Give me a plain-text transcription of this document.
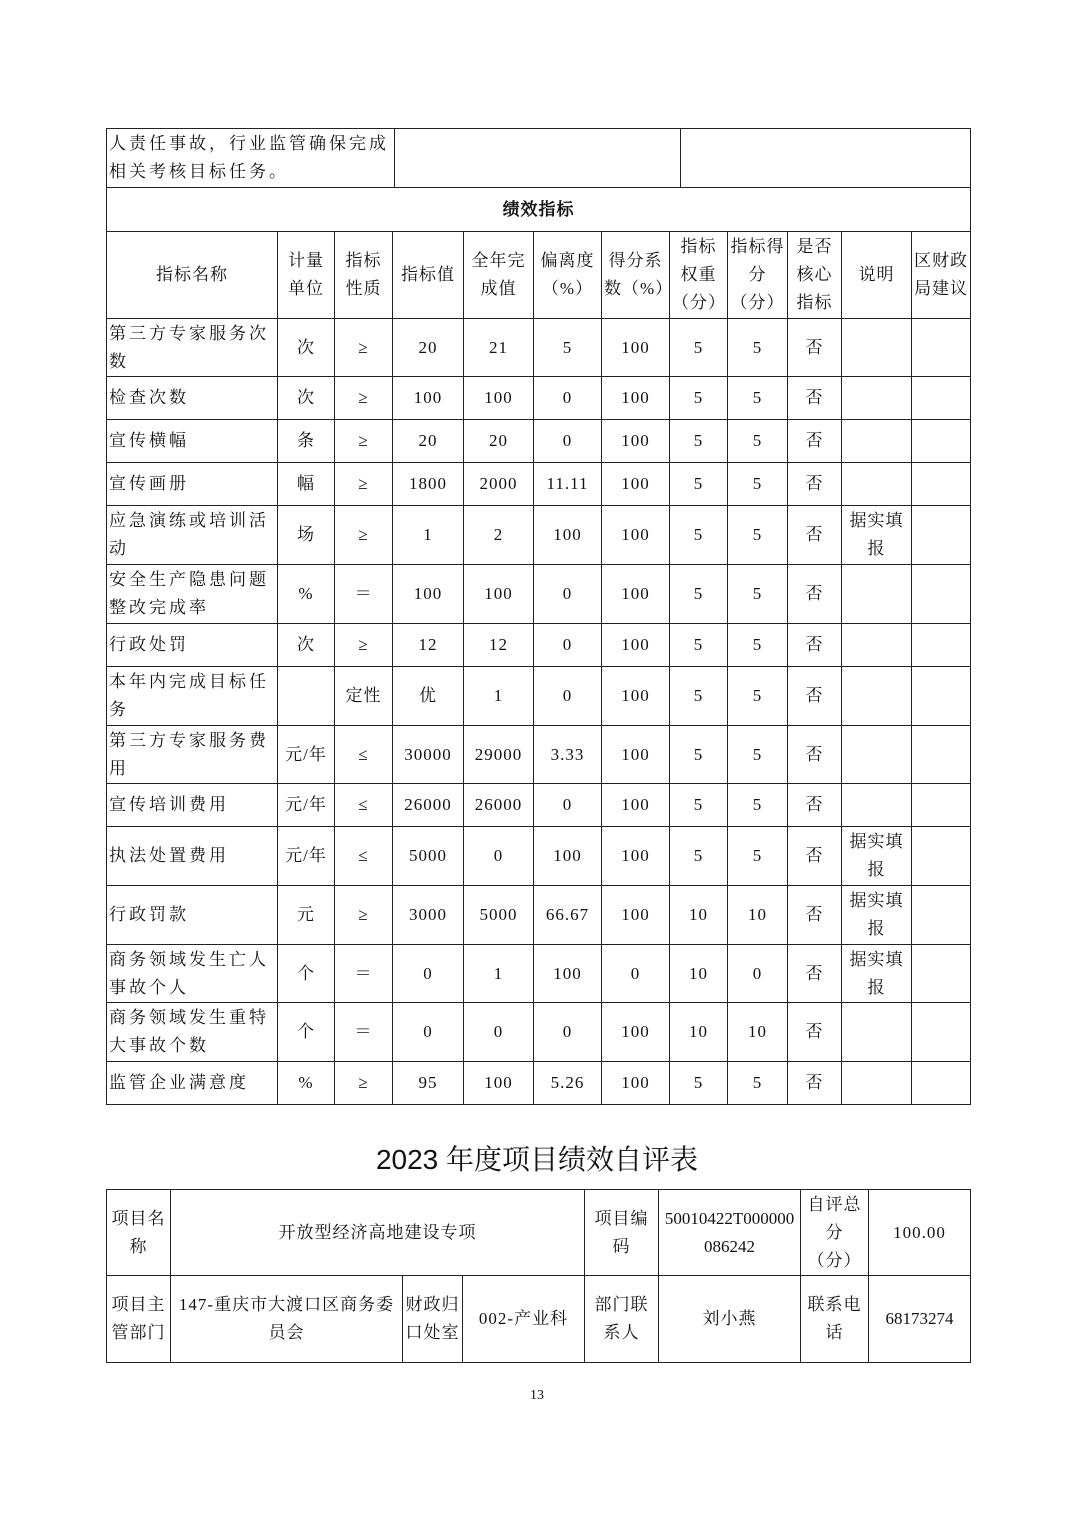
人责任事故，行业监管确保完成相关考核目标任务。		
绩效指标											
指标名称	计量单位	指标性质	指标值	全年完成值	偏离度（%）	得分系数（%）	指标权重（分）	指标得分（分）	是否核心指标	说明	区财政局建议
第三方专家服务次数	次	≥	20	21	5	100	5	5	否		
检查次数	次	≥	100	100	0	100	5	5	否		
宣传横幅	条	≥	20	20	0	100	5	5	否		
宣传画册	幅	≥	1800	2000	11.11	100	5	5	否		
应急演练或培训活动	场	≥	1	2	100	100	5	5	否	据实填报	
安全生产隐患问题整改完成率	%	＝	100	100	0	100	5	5	否		
行政处罚	次	≥	12	12	0	100	5	5	否		
本年内完成目标任务		定性	优	1	0	100	5	5	否		
第三方专家服务费用	元/年	≤	30000	29000	3.33	100	5	5	否		
宣传培训费用	元/年	≤	26000	26000	0	100	5	5	否		
执法处置费用	元/年	≤	5000	0	100	100	5	5	否	据实填报	
行政罚款	元	≥	3000	5000	66.67	100	10	10	否	据实填报	
商务领域发生亡人事故个人	个	＝	0	1	100	0	10	0	否	据实填报	
商务领域发生重特大事故个数	个	＝	0	0	0	100	10	10	否		
监管企业满意度	%	≥	95	100	5.26	100	5	5	否		
2023 年度项目绩效自评表
项目名称	开放型经济高地建设专项			项目编码	50010422T000000086242	自评总分（分）	100.00
项目主管部门	147-重庆市大渡口区商务委员会	财政归口处室	002-产业科	部门联系人	刘小燕	联系电话	68173274
13
